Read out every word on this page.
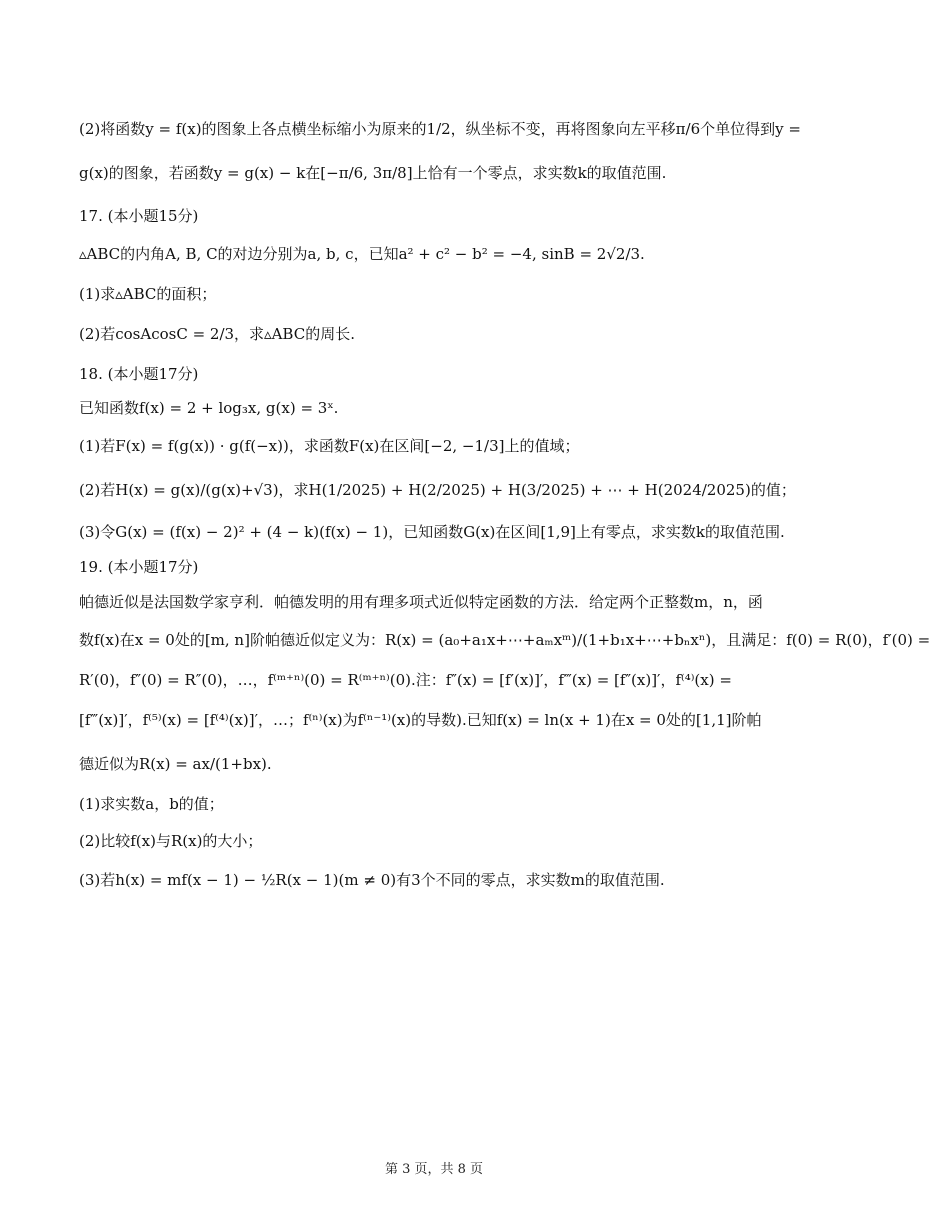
(2)将函数y = f(x)的图象上各点横坐标缩小为原来的1/2，纵坐标不变，再将图象向左平移π/6个单位得到y =
g(x)的图象，若函数y = g(x) − k在[−π/6, 3π/8]上恰有一个零点，求实数k的取值范围.
17. (本小题15分)
▵ABC的内角A, B, C的对边分别为a, b, c，已知a² + c² − b² = −4, sinB = 2√2/3.
(1)求▵ABC的面积；
(2)若cosAcosC = 2/3，求▵ABC的周长.
18. (本小题17分)
已知函数f(x) = 2 + log₃x, g(x) = 3ˣ.
(1)若F(x) = f(g(x)) · g(f(−x))，求函数F(x)在区间[−2, −1/3]上的值域；
(2)若H(x) = g(x)/(g(x)+√3)，求H(1/2025) + H(2/2025) + H(3/2025) + ⋯ + H(2024/2025)的值；
(3)令G(x) = (f(x) − 2)² + (4 − k)(f(x) − 1)，已知函数G(x)在区间[1,9]上有零点，求实数k的取值范围.
19. (本小题17分)
帕德近似是法国数学家亨利．帕德发明的用有理多项式近似特定函数的方法．给定两个正整数m，n，函
数f(x)在x = 0处的[m, n]阶帕德近似定义为：R(x) = (a₀+a₁x+⋯+aₘxᵐ)/(1+b₁x+⋯+bₙxⁿ)，且满足：f(0) = R(0)，f′(0) =
R′(0)，f″(0) = R″(0)，…，f⁽ᵐ⁺ⁿ⁾(0) = R⁽ᵐ⁺ⁿ⁾(0).注：f″(x) = [f′(x)]′，f‴(x) = [f″(x)]′，f⁽⁴⁾(x) =
[f‴(x)]′，f⁽⁵⁾(x) = [f⁽⁴⁾(x)]′，…；f⁽ⁿ⁾(x)为f⁽ⁿ⁻¹⁾(x)的导数).已知f(x) = ln(x + 1)在x = 0处的[1,1]阶帕
德近似为R(x) = ax/(1+bx).
(1)求实数a，b的值；
(2)比较f(x)与R(x)的大小；
(3)若h(x) = mf(x − 1) − ½R(x − 1)(m ≠ 0)有3个不同的零点，求实数m的取值范围.
第 3 页，共 8 页
